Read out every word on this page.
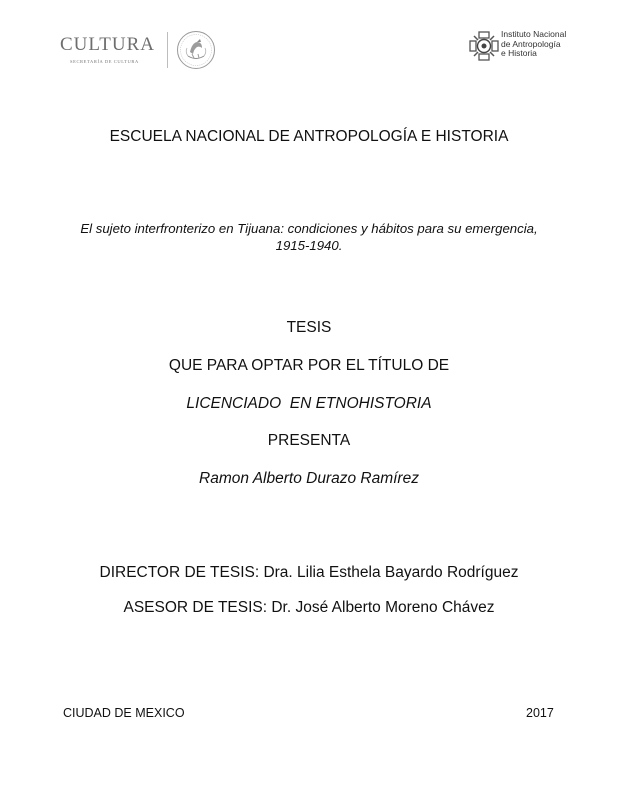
CULTURA
SECRETARÍA DE CULTURA
Instituto Nacional
de Antropología
e Historia
ESCUELA NACIONAL DE ANTROPOLOGÍA E HISTORIA
El sujeto interfronterizo en Tijuana: condiciones y hábitos para su emergencia,
1915-1940.
TESIS
QUE PARA OPTAR POR EL TÍTULO DE
LICENCIADO  EN ETNOHISTORIA
PRESENTA
Ramon Alberto Durazo Ramírez
DIRECTOR DE TESIS: Dra. Lilia Esthela Bayardo Rodríguez
ASESOR DE TESIS: Dr. José Alberto Moreno Chávez
CIUDAD DE MEXICO	2017
